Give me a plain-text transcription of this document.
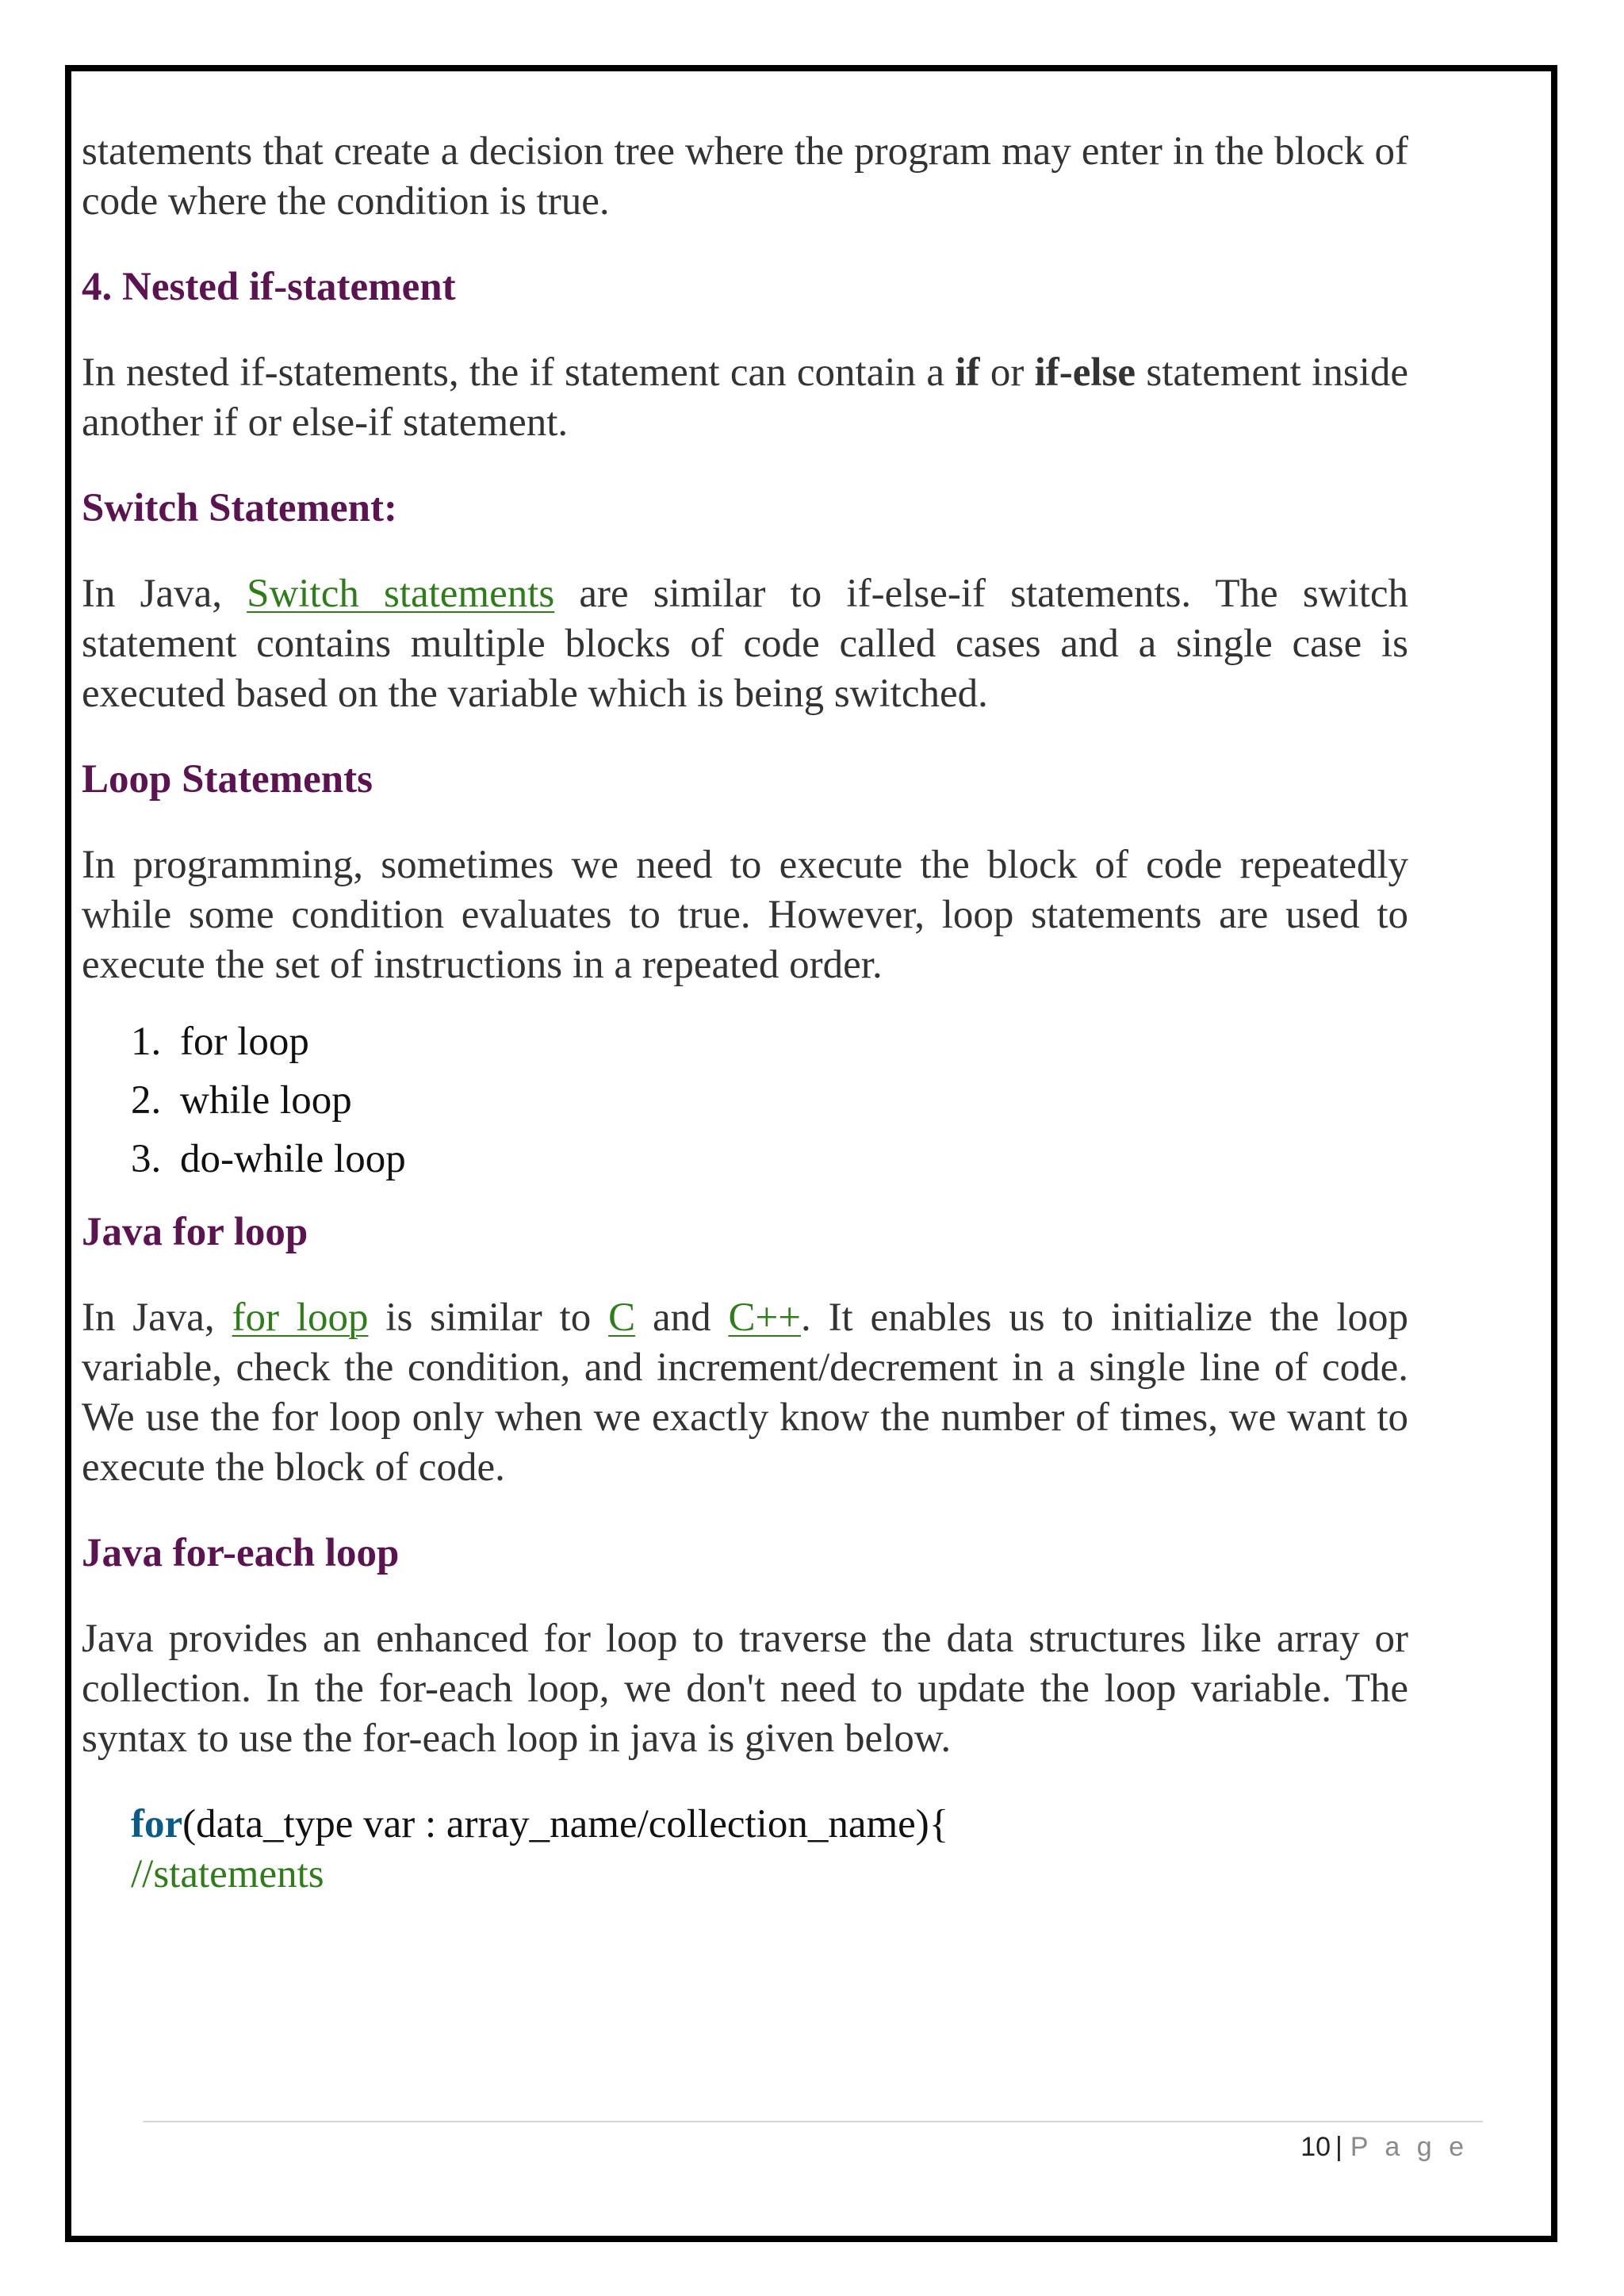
statements that create a decision tree where the program may enter in the block of code where the condition is true.

4. Nested if-statement

In nested if-statements, the if statement can contain a if or if-else statement inside another if or else-if statement.

Switch Statement:

In Java, Switch statements are similar to if-else-if statements. The switch statement contains multiple blocks of code called cases and a single case is executed based on the variable which is being switched.

Loop Statements

In programming, sometimes we need to execute the block of code repeatedly while some condition evaluates to true. However, loop statements are used to execute the set of instructions in a repeated order.

1. for loop
2. while loop
3. do-while loop
Java for loop

In Java, for loop is similar to C and C++. It enables us to initialize the loop variable, check the condition, and increment/decrement in a single line of code. We use the for loop only when we exactly know the number of times, we want to execute the block of code.

Java for-each loop

Java provides an enhanced for loop to traverse the data structures like array or collection. In the for-each loop, we don't need to update the loop variable. The syntax to use the for-each loop in java is given below.

for(data_type var : array_name/collection_name){
//statements
10 | P a g e
